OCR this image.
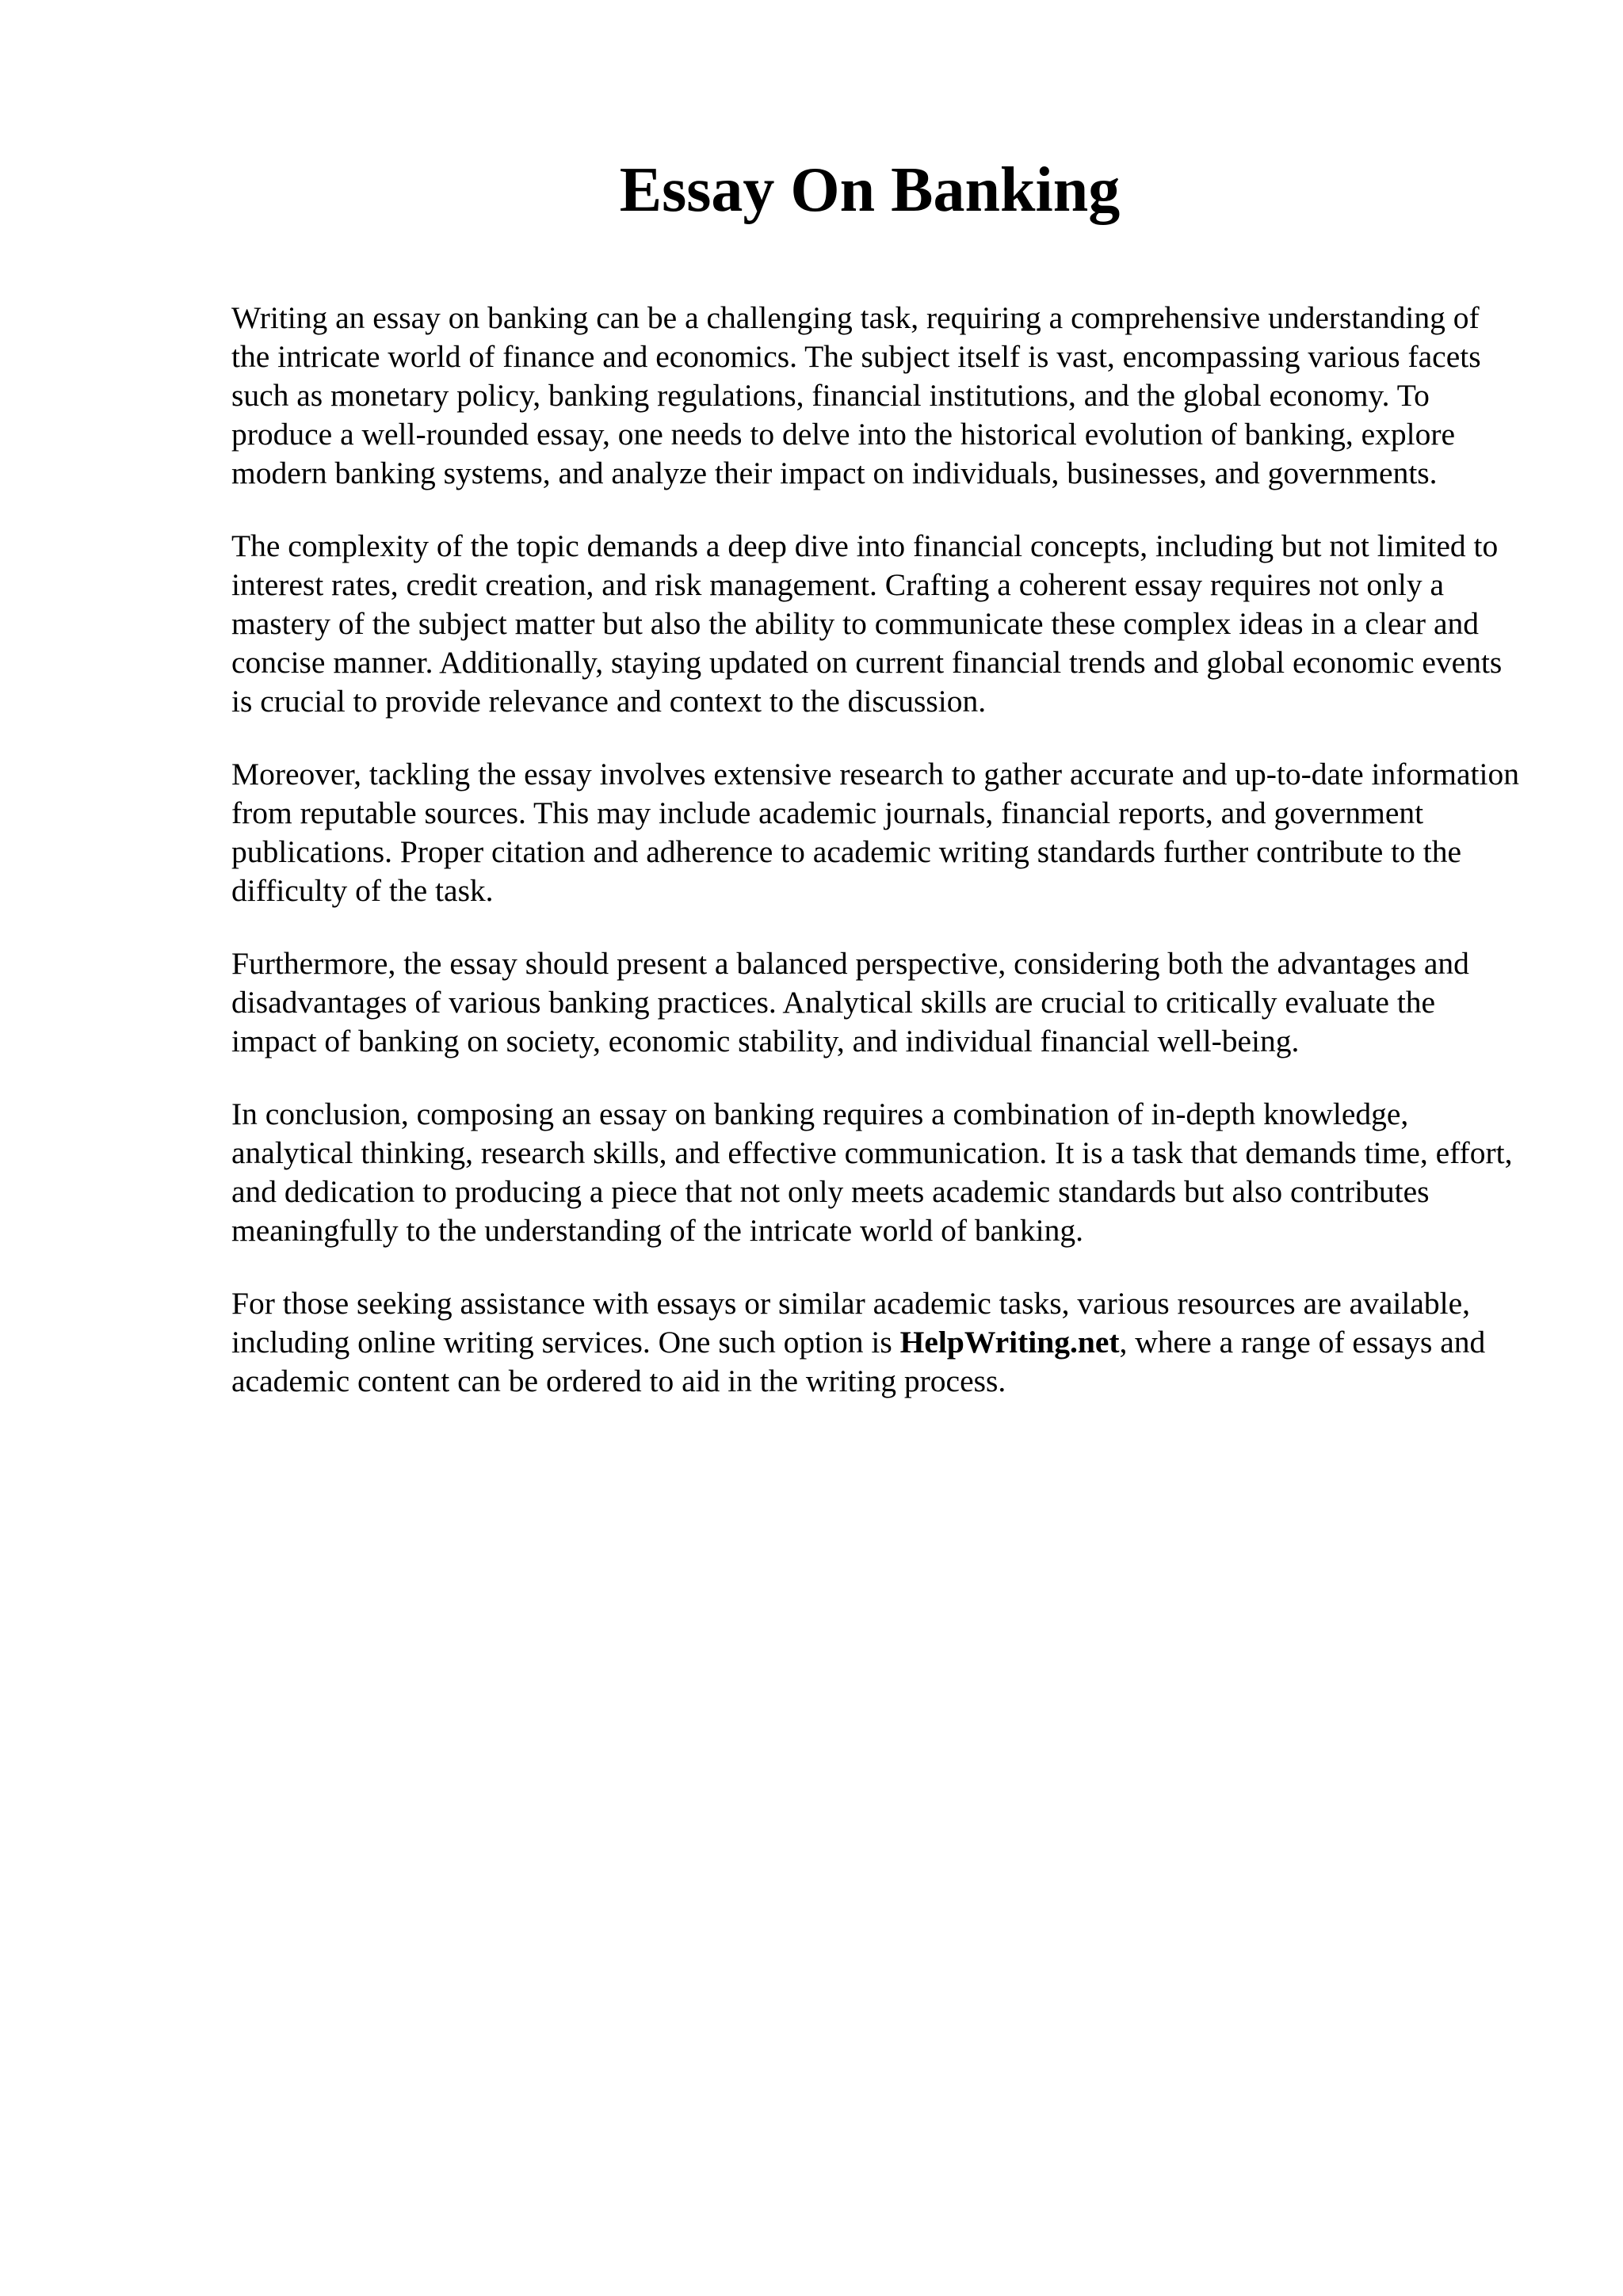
Essay On Banking

Writing an essay on banking can be a challenging task, requiring a comprehensive understanding of the intricate world of finance and economics. The subject itself is vast, encompassing various facets such as monetary policy, banking regulations, financial institutions, and the global economy. To produce a well-rounded essay, one needs to delve into the historical evolution of banking, explore modern banking systems, and analyze their impact on individuals, businesses, and governments.

The complexity of the topic demands a deep dive into financial concepts, including but not limited to interest rates, credit creation, and risk management. Crafting a coherent essay requires not only a mastery of the subject matter but also the ability to communicate these complex ideas in a clear and concise manner. Additionally, staying updated on current financial trends and global economic events is crucial to provide relevance and context to the discussion.

Moreover, tackling the essay involves extensive research to gather accurate and up-to-date information from reputable sources. This may include academic journals, financial reports, and government publications. Proper citation and adherence to academic writing standards further contribute to the difficulty of the task.

Furthermore, the essay should present a balanced perspective, considering both the advantages and disadvantages of various banking practices. Analytical skills are crucial to critically evaluate the impact of banking on society, economic stability, and individual financial well-being.

In conclusion, composing an essay on banking requires a combination of in-depth knowledge, analytical thinking, research skills, and effective communication. It is a task that demands time, effort, and dedication to producing a piece that not only meets academic standards but also contributes meaningfully to the understanding of the intricate world of banking.

For those seeking assistance with essays or similar academic tasks, various resources are available, including online writing services. One such option is HelpWriting.net, where a range of essays and academic content can be ordered to aid in the writing process.
